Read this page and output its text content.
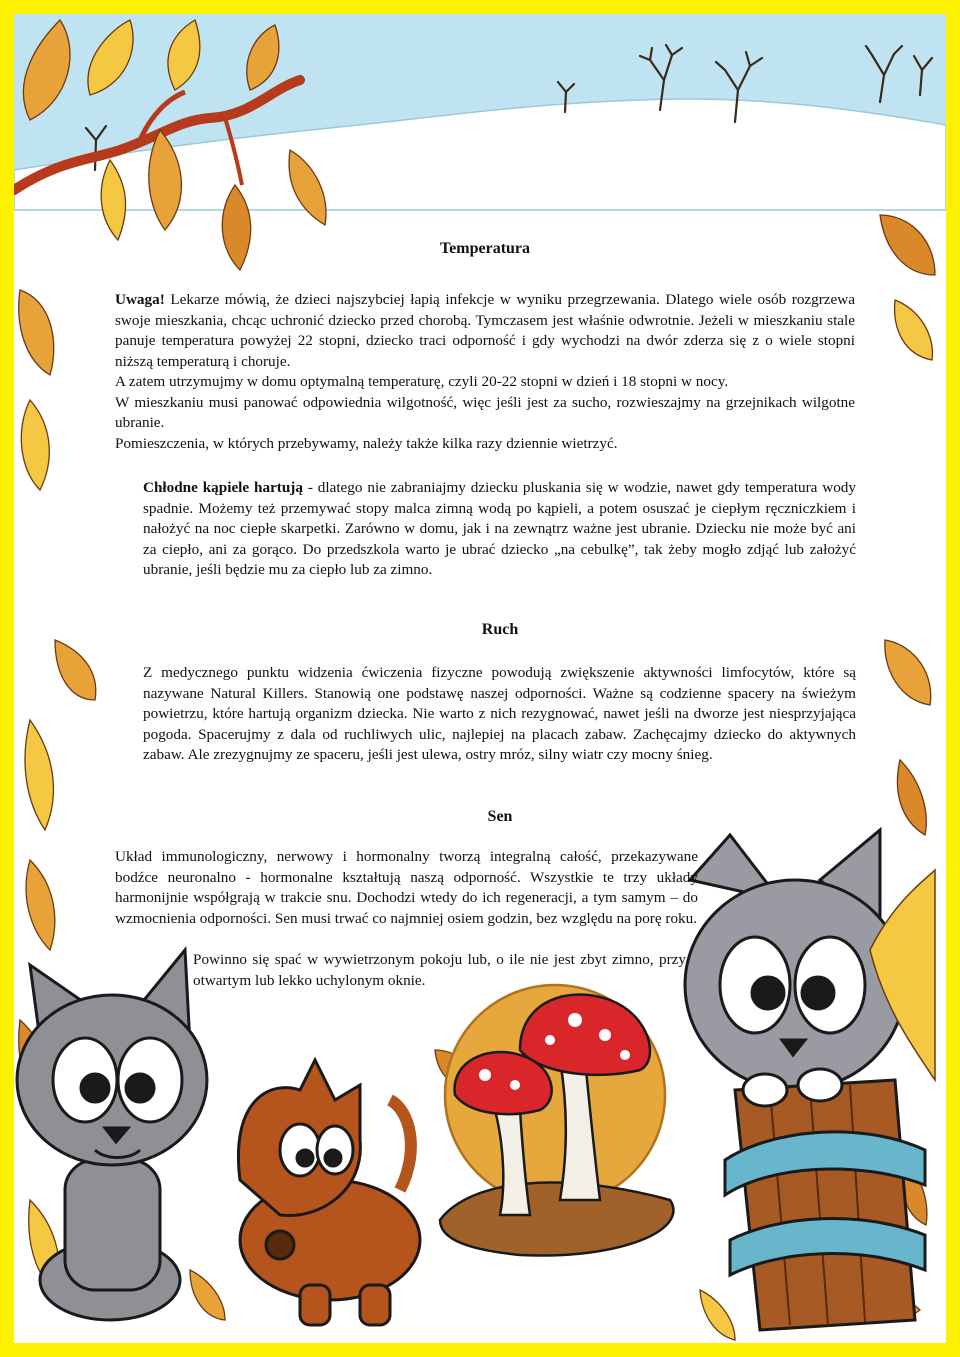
Temperatura

Uwaga! Lekarze mówią, że dzieci najszybciej łapią infekcje w wyniku przegrzewania. Dlatego wiele osób rozgrzewa swoje mieszkania, chcąc uchronić dziecko przed chorobą. Tymczasem jest właśnie odwrotnie. Jeżeli w mieszkaniu stale panuje temperatura powyżej 22 stopni, dziecko traci odporność i gdy wychodzi na dwór zderza się z o wiele stopni niższą temperaturą i choruje.

A zatem utrzymujmy w domu optymalną temperaturę, czyli 20-22 stopni w dzień i 18 stopni w nocy.

W mieszkaniu musi panować odpowiednia wilgotność, więc jeśli jest za sucho, rozwieszajmy na grzejnikach wilgotne ubranie.

Pomieszczenia, w których przebywamy, należy także kilka razy dziennie wietrzyć.

Chłodne kąpiele hartują - dlatego nie zabraniajmy dziecku pluskania się w wodzie, nawet gdy temperatura wody spadnie. Możemy też przemywać stopy malca zimną wodą po kąpieli, a potem osuszać je ciepłym ręczniczkiem i nałożyć na noc ciepłe skarpetki. Zarówno w domu, jak i na zewnątrz ważne jest ubranie. Dziecku nie może być ani za ciepło, ani za gorąco. Do przedszkola warto je ubrać dziecko „na cebulkę”, tak żeby mogło zdjąć lub założyć ubranie, jeśli będzie mu za ciepło lub za zimno.

Ruch
Z medycznego punktu widzenia ćwiczenia fizyczne powodują zwiększenie aktywności limfocytów, które są nazywane Natural Killers. Stanowią one podstawę naszej odporności. Ważne są codzienne spacery na świeżym powietrzu, które hartują organizm dziecka. Nie warto z nich rezygnować, nawet jeśli na dworze jest niesprzyjająca pogoda. Spacerujmy z dala od ruchliwych ulic, najlepiej na placach zabaw. Zachęcajmy dziecko do aktywnych zabaw. Ale zrezygnujmy ze spaceru, jeśli jest ulewa, ostry mróz, silny wiatr czy mocny śnieg.
Sen
Układ immunologiczny, nerwowy i hormonalny tworzą integralną całość, przekazywane bodźce neuronalno - hormonalne kształtują naszą odporność. Wszystkie te trzy układy harmonijnie współgrają w trakcie snu. Dochodzi wtedy do ich regeneracji, a tym samym – do wzmocnienia odporności. Sen musi trwać co najmniej osiem godzin, bez względu na porę roku.
Powinno się spać w wywietrzonym pokoju lub, o ile nie jest zbyt zimno, przy otwartym lub lekko uchylonym oknie.
